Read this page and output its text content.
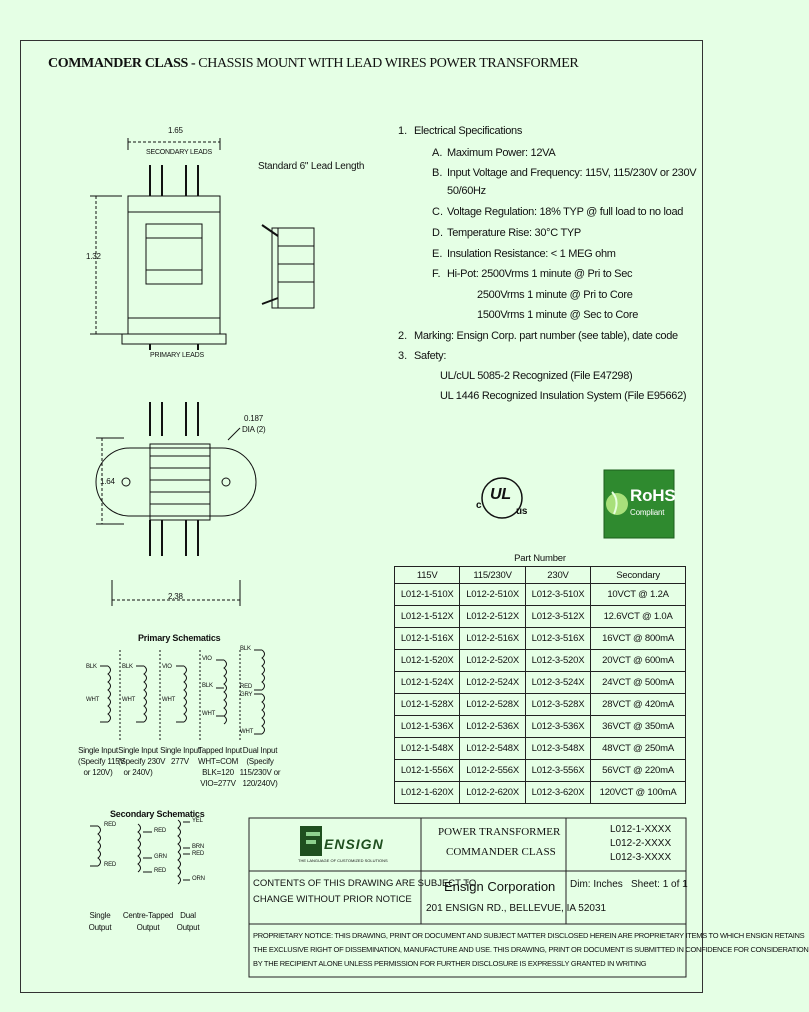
COMMANDER CLASS - CHASSIS MOUNT WITH LEAD WIRES POWER TRANSFORMER
1.65
SECONDARY LEADS
1.32
PRIMARY LEADS
Standard 6" Lead Length
0.187
DIA (2)
1.64
2.38
1. Electrical Specifications
A. Maximum Power: 12VA
B. Input Voltage and Frequency: 115V, 115/230V or 230V
50/60Hz
C. Voltage Regulation: 18% TYP @ full load to no load
D. Temperature Rise: 30°C TYP
E. Insulation Resistance: < 1 MEG ohm
F. Hi-Pot: 2500Vrms 1 minute @ Pri to Sec
2500Vrms 1 minute @ Pri to Core
1500Vrms 1 minute @ Sec to Core
2. Marking: Ensign Corp. part number (see table), date code
3. Safety:
UL/cUL 5085-2 Recognized (File E47298)
UL 1446 Recognized Insulation System (File E95662)
c
UL
us
RoHS
Compliant
Part Number			
115V	115/230V	230V	Secondary
L012-1-510X	L012-2-510X	L012-3-510X	10VCT @ 1.2A
L012-1-512X	L012-2-512X	L012-3-512X	12.6VCT @ 1.0A
L012-1-516X	L012-2-516X	L012-3-516X	16VCT @ 800mA
L012-1-520X	L012-2-520X	L012-3-520X	20VCT @ 600mA
L012-1-524X	L012-2-524X	L012-3-524X	24VCT @ 500mA
L012-1-528X	L012-2-528X	L012-3-528X	28VCT @ 420mA
L012-1-536X	L012-2-536X	L012-3-536X	36VCT @ 350mA
L012-1-548X	L012-2-548X	L012-3-548X	48VCT @ 250mA
L012-1-556X	L012-2-556X	L012-3-556X	56VCT @ 220mA
L012-1-620X	L012-2-620X	L012-3-620X	120VCT @ 100mA
Primary Schematics
BLK
WHT
BLK
WHT
VIO
WHT
VIO
BLK
WHT
BLK
RED
GRY
WHT
Single Input
(Specify 115V
or 120V)
Single Input
(Specify 230V
or 240V)
Single Input
277V
Tapped Input
WHT=COM
BLK=120
VIO=277V
Dual Input
(Specify
115/230V or
120/240V)
Secondary Schematics
RED
RED
RED
GRN
RED
YEL
BRN
RED
ORN
Single
Output
Centre-Tapped
Output
Dual
Output
ENSIGN
THE LANGUAGE OF CUSTOMIZED SOLUTIONS
POWER TRANSFORMER
COMMANDER CLASS
L012-1-XXXX
L012-2-XXXX
L012-3-XXXX
CONTENTS OF THIS DRAWING ARE SUBJECT TO
CHANGE WITHOUT PRIOR NOTICE
Ensign Corporation
201 ENSIGN RD., BELLEVUE, IA 52031
Dim: Inches Sheet: 1 of 1
PROPRIETARY NOTICE: THIS DRAWING, PRINT OR DOCUMENT AND SUBJECT MATTER DISCLOSED HEREIN ARE PROPRIETARY ITEMS TO WHICH ENSIGN RETAINS
THE EXCLUSIVE RIGHT OF DISSEMINATION, MANUFACTURE AND USE. THIS DRAWING, PRINT OR DOCUMENT IS SUBMITTED IN CONFIDENCE FOR CONSIDERATION
BY THE RECIPIENT ALONE UNLESS PERMISSION FOR FURTHER DISCLOSURE IS EXPRESSLY GRANTED IN WRITING
